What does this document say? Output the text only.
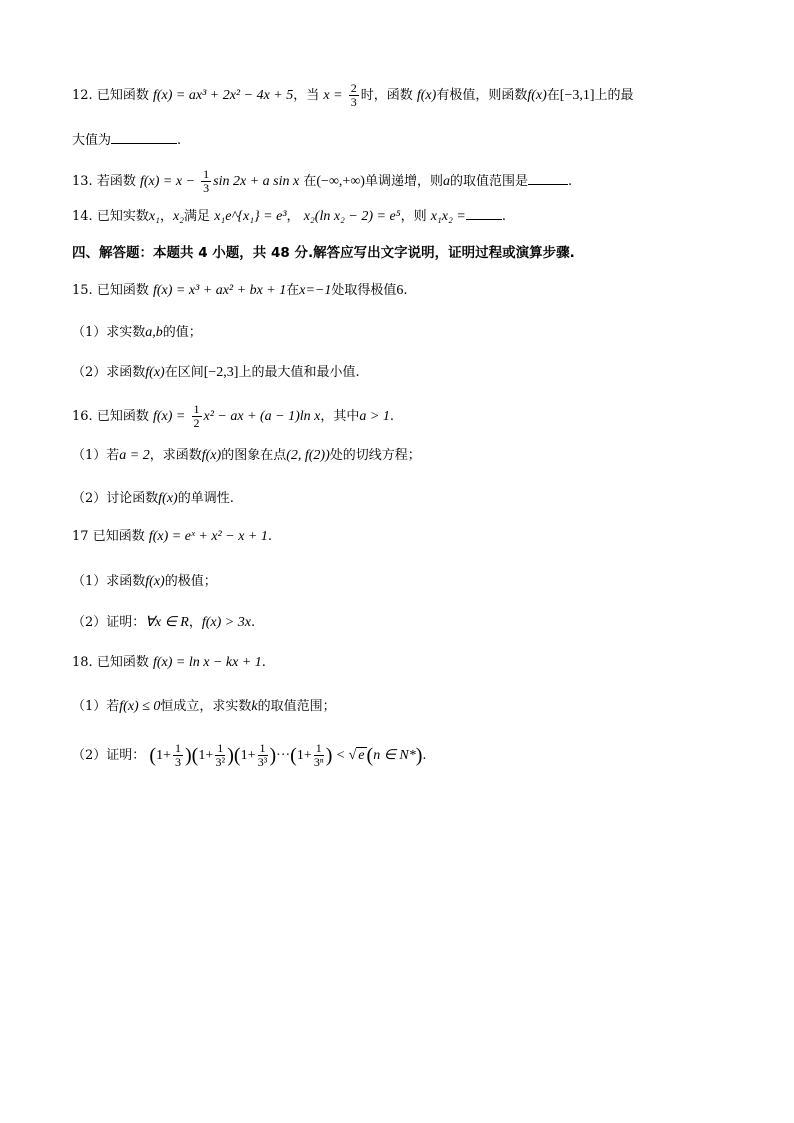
12. 已知函数 f(x) = ax³ + 2x² − 4x + 5，当 $x = \frac{2}{3}$ 时，函数 f(x)有极值，则函数f(x)在[−3,1]上的最
大值为	.
13. 若函数 $f(x) = x - \frac{1}{3}$ sin 2x + a sin x 在(−∞,+∞)单调递增，则a的取值范围是	.
14. 已知实数x₁，x₂满足 x₁e^{x₁} = e³， x₂(ln x₂ − 2) = e⁵，则 x₁x₂ =	.
四、解答题：本题共 4 小题，共 48 分.解答应写出文字说明，证明过程或演算步骤.
15. 已知函数 f(x) = x³ + ax² + bx + 1在x=−1处取得极值6.
（1）求实数a,b的值；
（2）求函数f(x)在区间[−2,3]上的最大值和最小值.
16. 已知函数 $f(x) = \frac{1}{2} x^2$ − ax + (a − 1)ln x，其中a > 1.
（1）若a = 2，求函数f(x)的图象在点(2, f(2))处的切线方程；
（2）讨论函数f(x)的单调性.
17 已知函数 f(x) = eˣ + x² − x + 1.
（1）求函数f(x)的极值；
（2）证明：∀x ∈ R，f(x) > 3x.
18. 已知函数 f(x) = ln x − kx + 1.
（1）若f(x) ≤ 0恒成立，求实数k的取值范围；
（2）证明： $(1+ \frac{1}{3} )(1+ \frac{1}{\text{3²}} )(1+ \frac{1}{\text{3³}} )\cdot\cdot\cdot(1+ \frac{1}{\text{3ⁿ}}$ ) < √ e (n ∈ N*).
